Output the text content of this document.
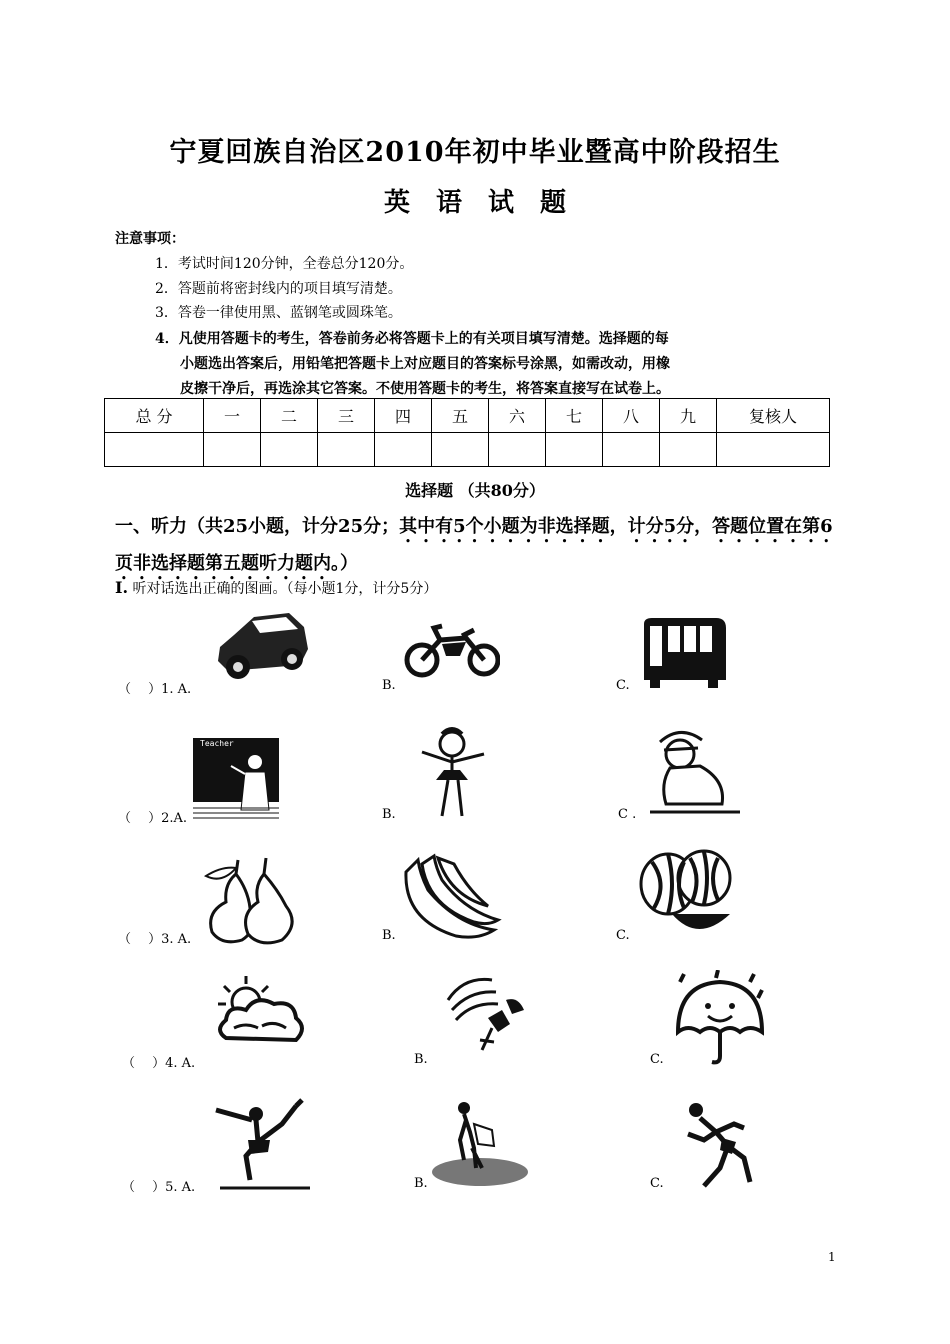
宁夏回族自治区2010年初中毕业暨高中阶段招生
英　语　试　题
注意事项：
1．考试时间120分钟，全卷总分120分。
2．答题前将密封线内的项目填写清楚。
3．答卷一律使用黑、蓝钢笔或圆珠笔。
4．凡使用答题卡的考生，答卷前务必将答题卡上的有关项目填写清楚。选择题的每
小题选出答案后，用铅笔把答题卡上对应题目的答案标号涂黑，如需改动，用橡
皮擦干净后，再选涂其它答案。不使用答题卡的考生，将答案直接写在试卷上。
总 分	一	二	三	四	五	六	七	八	九	复核人

选择题 （共80分）
一、听力（共25小题，计分25分；其中有5个小题为非选择题，计分5分，答题位置在第6页非选择题第五题听力题内。）
I. 听对话选出正确的图画。（每小题1分，计分5分）
（　 ）1. A.	B.	C.
（　 ）2.A.	B.	C .
Teacher
（　 ）3. A.	B.	C.
（　 ）4. A.	B.	C.
（　 ）5. A.	B.	C.
1
